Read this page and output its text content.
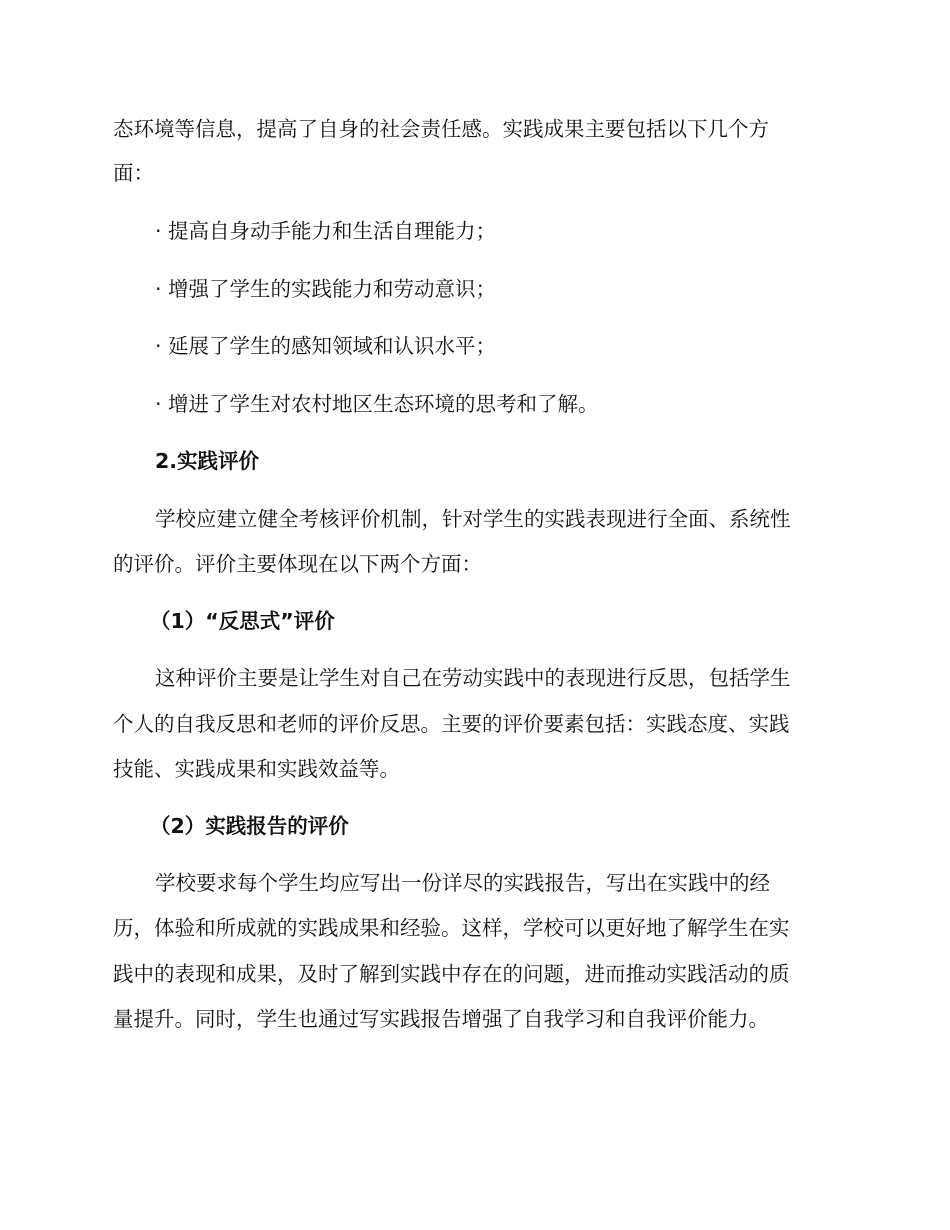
态环境等信息，提高了自身的社会责任感。实践成果主要包括以下几个方
面：
· 提高自身动手能力和生活自理能力；
· 增强了学生的实践能力和劳动意识；
· 延展了学生的感知领域和认识水平；
· 增进了学生对农村地区生态环境的思考和了解。
2.实践评价
学校应建立健全考核评价机制，针对学生的实践表现进行全面、系统性
的评价。评价主要体现在以下两个方面：
（1）“反思式”评价
这种评价主要是让学生对自己在劳动实践中的表现进行反思，包括学生
个人的自我反思和老师的评价反思。主要的评价要素包括：实践态度、实践
技能、实践成果和实践效益等。
（2）实践报告的评价
学校要求每个学生均应写出一份详尽的实践报告，写出在实践中的经
历，体验和所成就的实践成果和经验。这样，学校可以更好地了解学生在实
践中的表现和成果，及时了解到实践中存在的问题，进而推动实践活动的质
量提升。同时，学生也通过写实践报告增强了自我学习和自我评价能力。
